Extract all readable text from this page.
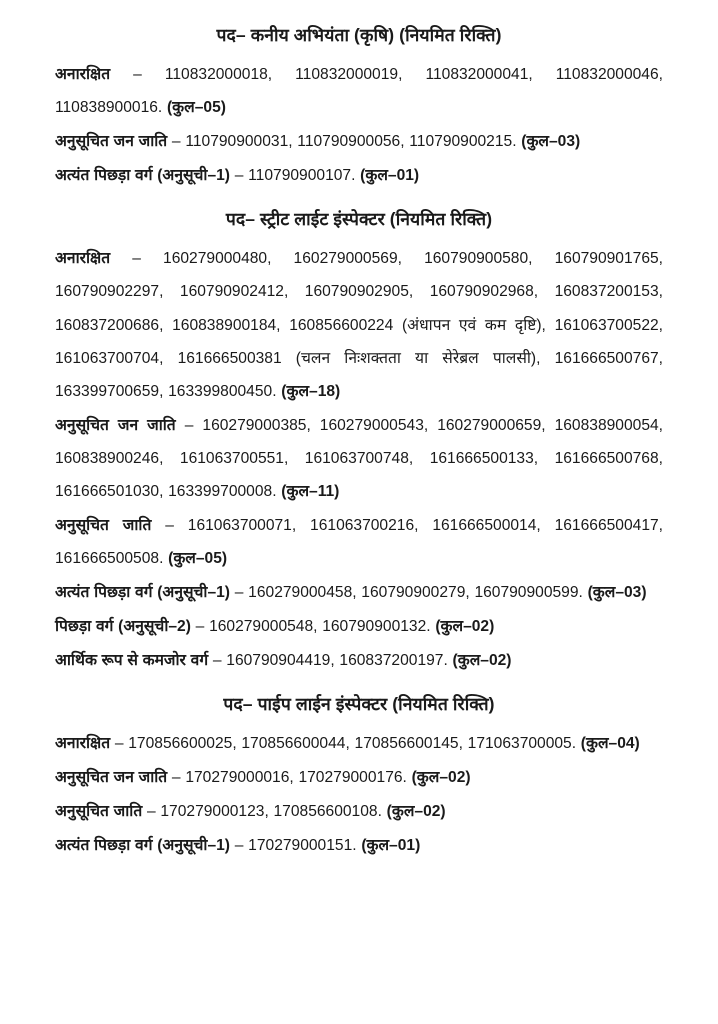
पद– कनीय अभियंता (कृषि) (नियमित रिक्ति)

अनारक्षित – 110832000018, 110832000019, 110832000041, 110832000046, 110838900016. (कुल–05)

अनुसूचित जन जाति – 110790900031, 110790900056, 110790900215. (कुल–03)

अत्यंत पिछड़ा वर्ग (अनुसूची–1) – 110790900107. (कुल–01)

पद– स्ट्रीट लाईट इंस्पेक्टर (नियमित रिक्ति)

अनारक्षित – 160279000480, 160279000569, 160790900580, 160790901765, 160790902297, 160790902412, 160790902905, 160790902968, 160837200153, 160837200686, 160838900184, 160856600224 (अंधापन एवं कम दृष्टि), 161063700522, 161063700704, 161666500381 (चलन निःशक्तता या सेरेब्रल पालसी), 161666500767, 163399700659, 163399800450. (कुल–18)

अनुसूचित जन जाति – 160279000385, 160279000543, 160279000659, 160838900054, 160838900246, 161063700551, 161063700748, 161666500133, 161666500768, 161666501030, 163399700008. (कुल–11)

अनुसूचित जाति – 161063700071, 161063700216, 161666500014, 161666500417, 161666500508. (कुल–05)

अत्यंत पिछड़ा वर्ग (अनुसूची–1) – 160279000458, 160790900279, 160790900599. (कुल–03)

पिछड़ा वर्ग (अनुसूची–2) – 160279000548, 160790900132. (कुल–02)

आर्थिक रूप से कमजोर वर्ग – 160790904419, 160837200197. (कुल–02)

पद– पाईप लाईन इंस्पेक्टर (नियमित रिक्ति)

अनारक्षित – 170856600025, 170856600044, 170856600145, 171063700005. (कुल–04)

अनुसूचित जन जाति – 170279000016, 170279000176. (कुल–02)

अनुसूचित जाति – 170279000123, 170856600108. (कुल–02)

अत्यंत पिछड़ा वर्ग (अनुसूची–1) – 170279000151. (कुल–01)
